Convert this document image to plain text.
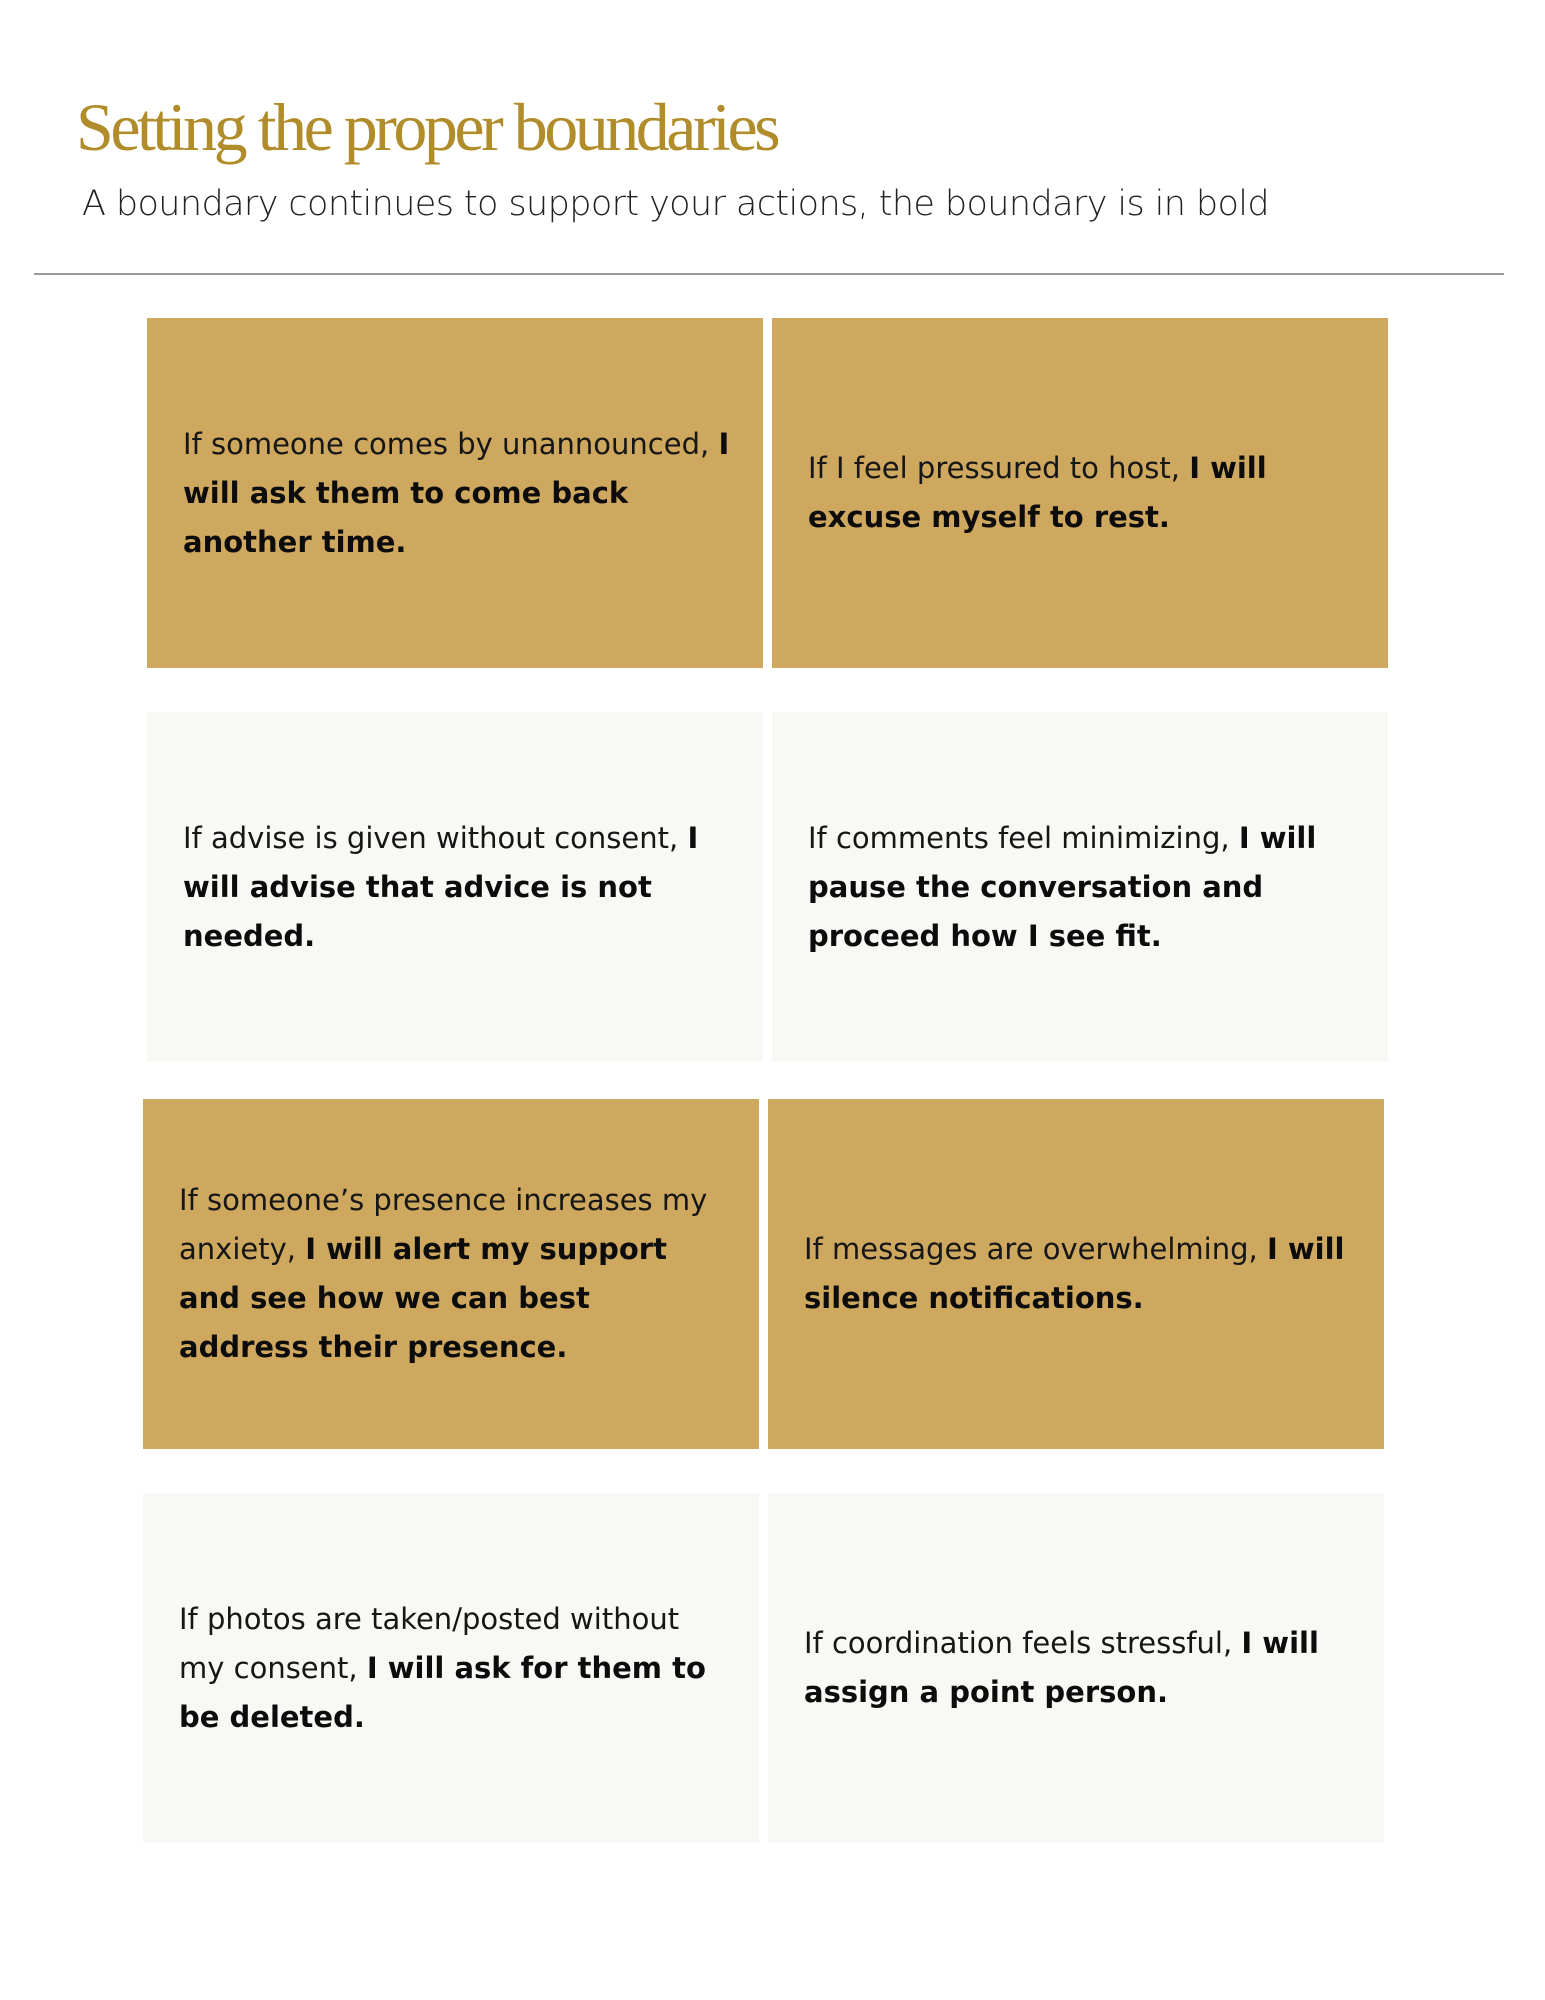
Setting the proper boundaries

A boundary continues to support your actions, the boundary is in bold

If someone comes by unannounced, I will ask them to come back another time.

If I feel pressured to host, I will excuse myself to rest.

If advise is given without consent, I will advise that advice is not needed.

If comments feel minimizing, I will pause the conversation and proceed how I see fit.

If someone’s presence increases my anxiety, I will alert my support and see how we can best address their presence.

If messages are overwhelming, I will silence notifications.

If photos are taken/posted without my consent, I will ask for them to be deleted.

If coordination feels stressful, I will assign a point person.
